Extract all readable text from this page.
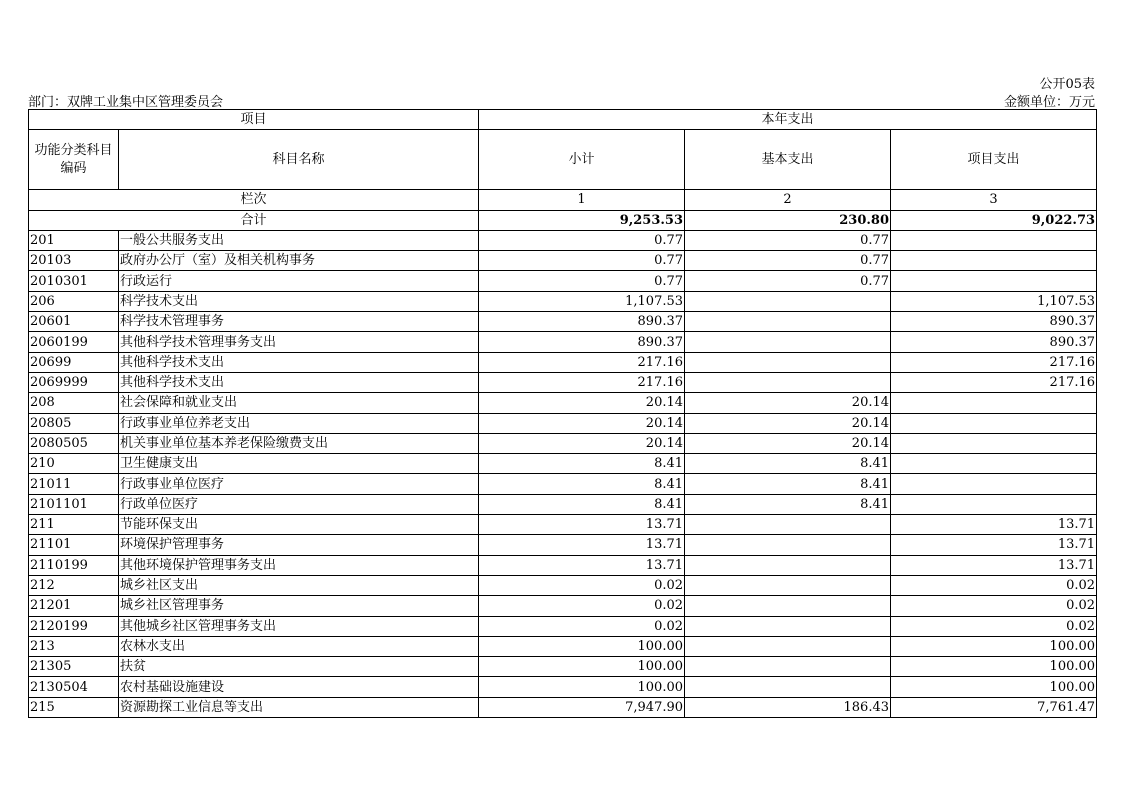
公开05表
部门：双牌工业集中区管理委员会	金额单位：万元
项目		本年支出		
功能分类科目编码	科目名称	小计	基本支出	项目支出
栏次		1	2	3
合计		9,253.53	230.80	9,022.73
201	一般公共服务支出	0.77	0.77	
20103	政府办公厅（室）及相关机构事务	0.77	0.77	
2010301	行政运行	0.77	0.77	
206	科学技术支出	1,107.53		1,107.53
20601	科学技术管理事务	890.37		890.37
2060199	其他科学技术管理事务支出	890.37		890.37
20699	其他科学技术支出	217.16		217.16
2069999	其他科学技术支出	217.16		217.16
208	社会保障和就业支出	20.14	20.14	
20805	行政事业单位养老支出	20.14	20.14	
2080505	机关事业单位基本养老保险缴费支出	20.14	20.14	
210	卫生健康支出	8.41	8.41	
21011	行政事业单位医疗	8.41	8.41	
2101101	行政单位医疗	8.41	8.41	
211	节能环保支出	13.71		13.71
21101	环境保护管理事务	13.71		13.71
2110199	其他环境保护管理事务支出	13.71		13.71
212	城乡社区支出	0.02		0.02
21201	城乡社区管理事务	0.02		0.02
2120199	其他城乡社区管理事务支出	0.02		0.02
213	农林水支出	100.00		100.00
21305	扶贫	100.00		100.00
2130504	农村基础设施建设	100.00		100.00
215	资源勘探工业信息等支出	7,947.90	186.43	7,761.47
